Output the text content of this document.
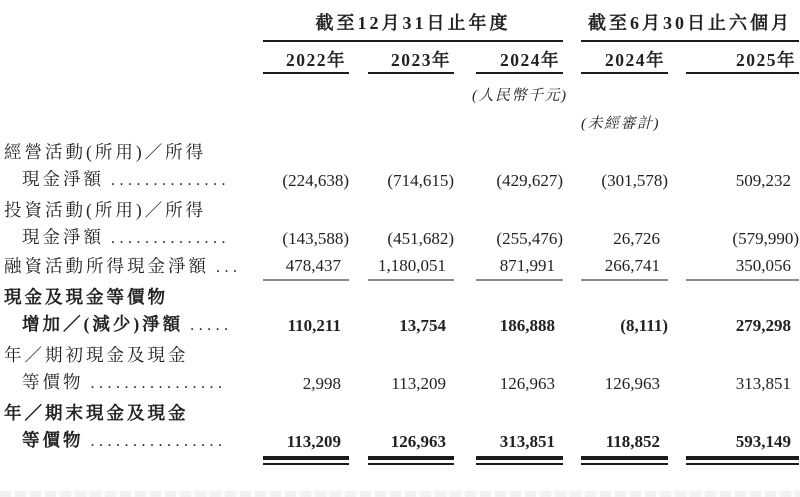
	截至12月31日止年度		截至6月30日止六個月
	2022年		2023年		2024年		2024年		2025年
	(人民幣千元)	
	(未經審計)	
經營活動(所用)／所得
現金淨額 ..............	(224,638)		(714,615)		(429,627)		(301,578)		509,232
投資活動(所用)／所得
現金淨額 ..............	(143,588)		(451,682)		(255,476)		26,726		(579,990)
融資活動所得現金淨額 ...	478,437		1,180,051		871,991		266,741		350,056
現金及現金等價物
增加／(減少)淨額 .....	110,211		13,754		186,888		(8,111)		279,298
年／期初現金及現金
等價物 ................	2,998		113,209		126,963		126,963		313,851
年／期末現金及現金
等價物 ................	113,209		126,963		313,851		118,852		593,149
